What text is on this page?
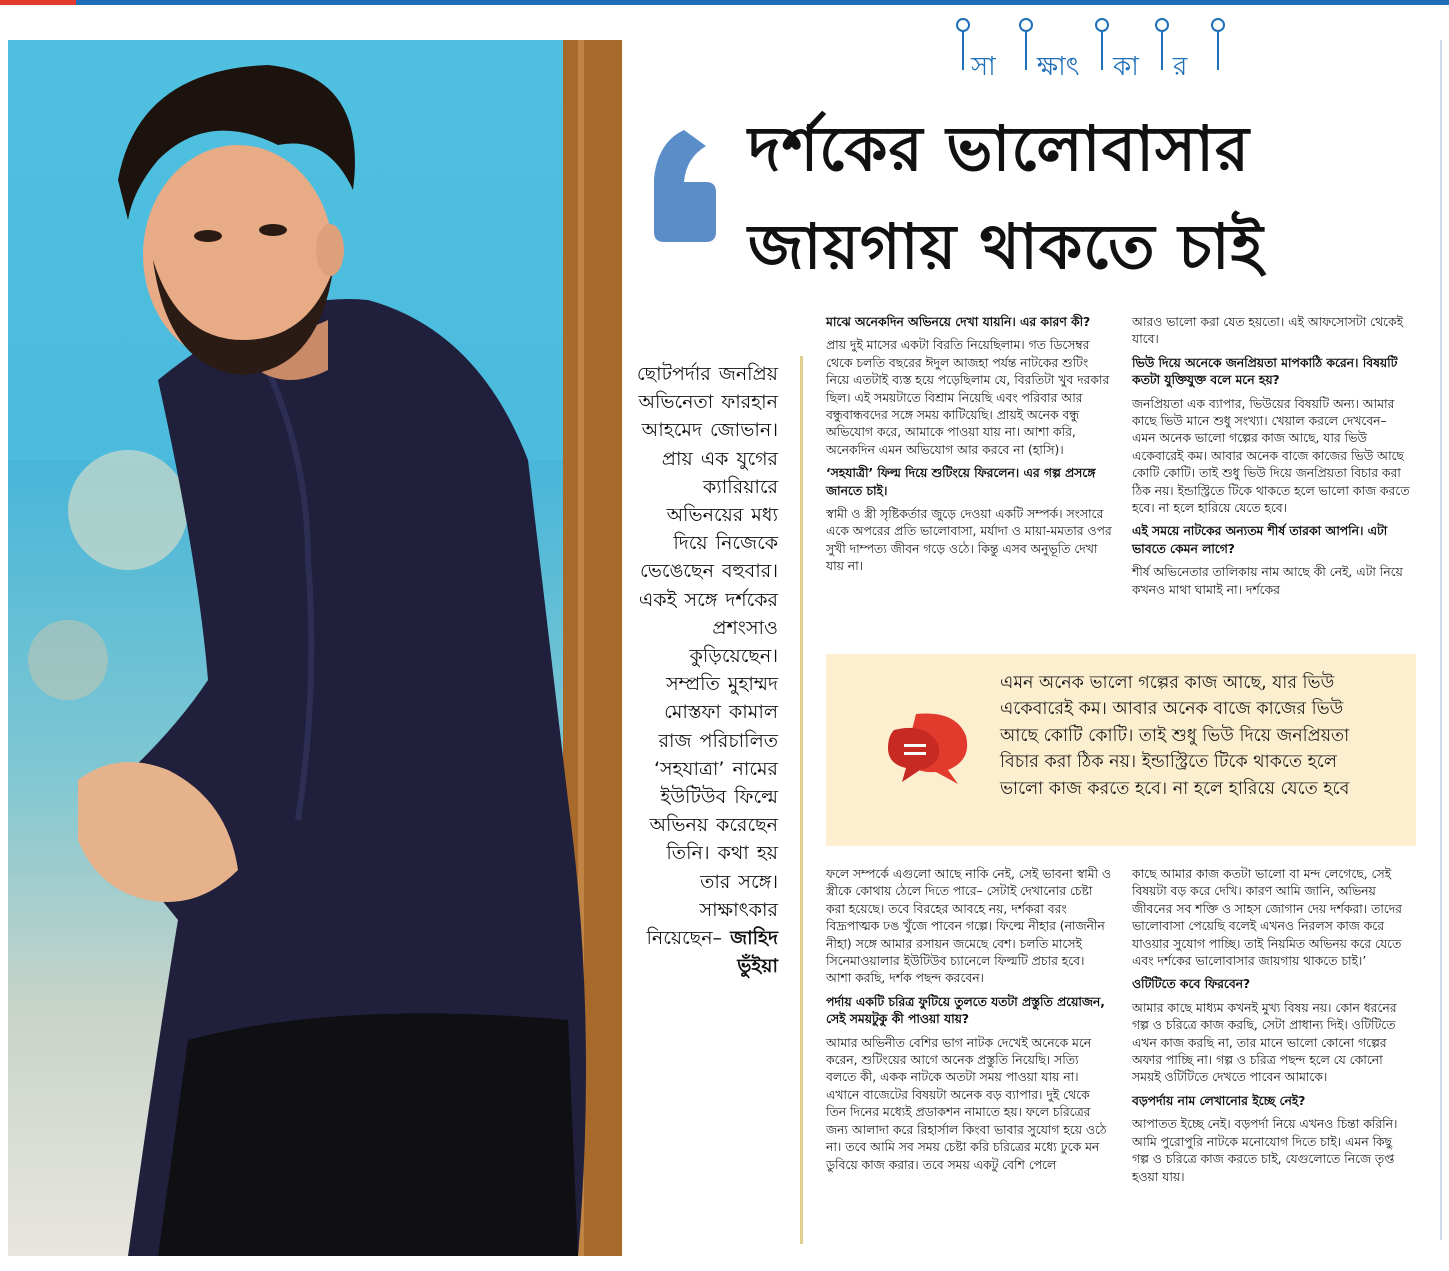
সা ক্ষাৎ কা র
দর্শকের ভালোবাসার জায়গায় থাকতে চাই

ছোটপর্দার জনপ্রিয় অভিনেতা ফারহান আহমেদ জোভান। প্রায় এক যুগের ক্যারিয়ারে অভিনয়ের মধ্য দিয়ে নিজেকে ভেঙেছেন বহুবার। একই সঙ্গে দর্শকের প্রশংসাও কুড়িয়েছেন। সম্প্রতি মুহাম্মদ মোস্তফা কামাল রাজ পরিচালিত ‘সহযাত্রা’ নামের ইউটিউব ফিল্মে অভিনয় করেছেন তিনি। কথা হয় তার সঙ্গে। সাক্ষাৎকার নিয়েছেন– জাহিদ ভুঁইয়া

মাঝে অনেকদিন অভিনয়ে দেখা যায়নি। এর কারণ কী?

প্রায় দুই মাসের একটা বিরতি নিয়েছিলাম। গত ডিসেম্বর থেকে চলতি বছরের ঈদুল আজহা পর্যন্ত নাটকের শুটিং নিয়ে এতটাই ব্যস্ত হয়ে পড়েছিলাম যে, বিরতিটা খুব দরকার ছিল। এই সময়টাতে বিশ্রাম নিয়েছি এবং পরিবার আর বন্ধুবান্ধবদের সঙ্গে সময় কাটিয়েছি। প্রায়ই অনেক বন্ধু অভিযোগ করে, আমাকে পাওয়া যায় না। আশা করি, অনেকদিন এমন অভিযোগ আর করবে না (হাসি)।

‘সহযাত্রী’ ফিল্ম দিয়ে শুটিংয়ে ফিরলেন। এর গল্প প্রসঙ্গে জানতে চাই।

স্বামী ও স্ত্রী সৃষ্টিকর্তার জুড়ে দেওয়া একটি সম্পর্ক। সংসারে একে অপরের প্রতি ভালোবাসা, মর্যাদা ও মায়া-মমতার ওপর সুখী দাম্পত্য জীবন গড়ে ওঠে। কিন্তু এসব অনুভূতি দেখা যায় না।

আরও ভালো করা যেত হয়তো। এই আফসোসটা থেকেই যাবে।

ভিউ দিয়ে অনেকে জনপ্রিয়তা মাপকাঠি করেন। বিষয়টি কতটা যুক্তিযুক্ত বলে মনে হয়?

জনপ্রিয়তা এক ব্যাপার, ভিউয়ের বিষয়টি অন্য। আমার কাছে ভিউ মানে শুধু সংখ্যা। খেয়াল করলে দেখবেন– এমন অনেক ভালো গল্পের কাজ আছে, যার ভিউ একেবারেই কম। আবার অনেক বাজে কাজের ভিউ আছে কোটি কোটি। তাই শুধু ভিউ দিয়ে জনপ্রিয়তা বিচার করা ঠিক নয়। ইন্ডাস্ট্রিতে টিকে থাকতে হলে ভালো কাজ করতে হবে। না হলে হারিয়ে যেতে হবে।

এই সময়ে নাটকের অন্যতম শীর্ষ তারকা আপনি। এটা ভাবতে কেমন লাগে?

শীর্ষ অভিনেতার তালিকায় নাম আছে কী নেই, এটা নিয়ে কখনও মাথা ঘামাই না। দর্শকের

এমন অনেক ভালো গল্পের কাজ আছে, যার ভিউ একেবারেই কম। আবার অনেক বাজে কাজের ভিউ আছে কোটি কোটি। তাই শুধু ভিউ দিয়ে জনপ্রিয়তা বিচার করা ঠিক নয়। ইন্ডাস্ট্রিতে টিকে থাকতে হলে ভালো কাজ করতে হবে। না হলে হারিয়ে যেতে হবে

ফলে সম্পর্কে এগুলো আছে নাকি নেই, সেই ভাবনা স্বামী ও স্ত্রীকে কোথায় ঠেলে দিতে পারে– সেটাই দেখানোর চেষ্টা করা হয়েছে। তবে বিরহের আবহে নয়, দর্শকরা বরং বিদ্রূপাত্মক ঢঙ খুঁজে পাবেন গল্পে। ফিল্মে নীহার (নাজনীন নীহা) সঙ্গে আমার রসায়ন জমেছে বেশ। চলতি মাসেই সিনেমাওয়ালার ইউটিউব চ্যানেলে ফিল্মটি প্রচার হবে। আশা করছি, দর্শক পছন্দ করবেন।

পর্দায় একটি চরিত্র ফুটিয়ে তুলতে যতটা প্রস্তুতি প্রয়োজন, সেই সময়টুকু কী পাওয়া যায়?

আমার অভিনীত বেশির ভাগ নাটক দেখেই অনেকে মনে করেন, শুটিংয়ের আগে অনেক প্রস্তুতি নিয়েছি। সত্যি বলতে কী, একক নাটকে অতটা সময় পাওয়া যায় না। এখানে বাজেটের বিষয়টা অনেক বড় ব্যাপার। দুই থেকে তিন দিনের মধ্যেই প্রডাকশন নামাতে হয়। ফলে চরিত্রের জন্য আলাদা করে রিহার্সাল কিংবা ভাবার সুযোগ হয়ে ওঠে না। তবে আমি সব সময় চেষ্টা করি চরিত্রের মধ্যে ঢুকে মন ডুবিয়ে কাজ করার। তবে সময় একটু বেশি পেলে

কাছে আমার কাজ কতটা ভালো বা মন্দ লেগেছে, সেই বিষয়টা বড় করে দেখি। কারণ আমি জানি, অভিনয় জীবনের সব শক্তি ও সাহস জোগান দেয় দর্শকরা। তাদের ভালোবাসা পেয়েছি বলেই এখনও নিরলস কাজ করে যাওয়ার সুযোগ পাচ্ছি। তাই নিয়মিত অভিনয় করে যেতে এবং দর্শকের ভালোবাসার জায়গায় থাকতে চাই।’

ওটিটিতে কবে ফিরবেন?

আমার কাছে মাধ্যম কখনই মুখ্য বিষয় নয়। কোন ধরনের গল্প ও চরিত্রে কাজ করছি, সেটা প্রাধান্য দিই। ওটিটিতে এখন কাজ করছি না, তার মানে ভালো কোনো গল্পের অফার পাচ্ছি না। গল্প ও চরিত্র পছন্দ হলে যে কোনো সময়ই ওটিটিতে দেখতে পাবেন আমাকে।

বড়পর্দায় নাম লেখানোর ইচ্ছে নেই?

আপাতত ইচ্ছে নেই। বড়পর্দা নিয়ে এখনও চিন্তা করিনি। আমি পুরোপুরি নাটকে মনোযোগ দিতে চাই। এমন কিছু গল্প ও চরিত্রে কাজ করতে চাই, যেগুলোতে নিজে তৃপ্ত হওয়া যায়।
